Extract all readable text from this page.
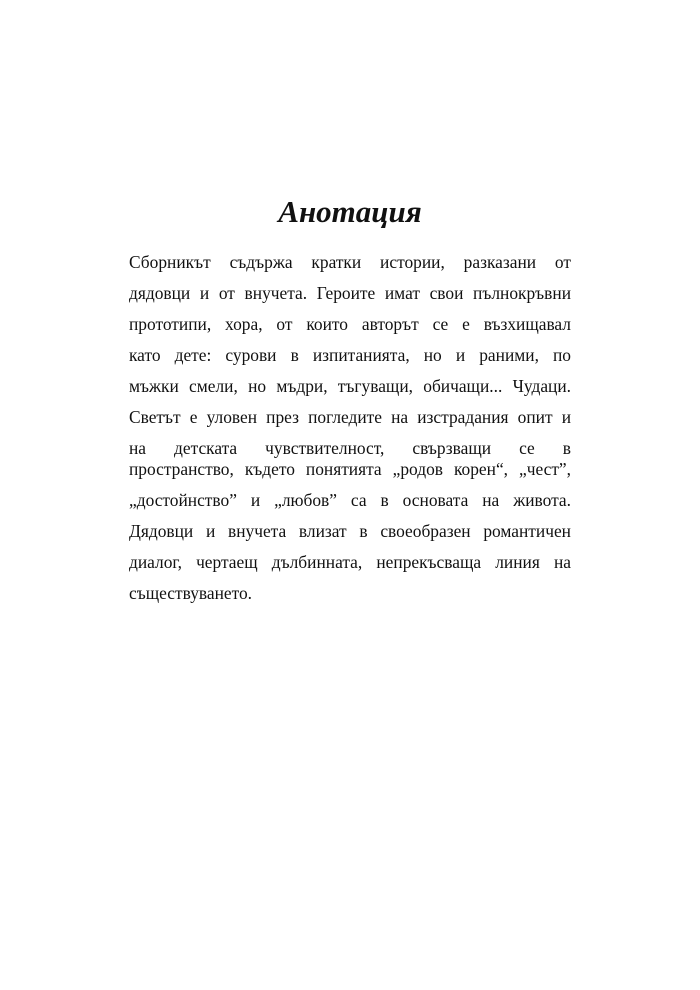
Анотация
Сборникът съдържа кратки истории, разказани от
дядовци и от внучета. Героите имат свои пълнокръвни
прототипи, хора, от които авторът се е възхищавал
като дете: сурови в изпитанията, но и раними, по
мъжки смели, но мъдри, тъгуващи, обичащи... Чудаци.
Светът е уловен през погледите на изстрадания опит и
на детската чувствителност, свързващи се в
пространство, където понятията „родов корен“, „чест”,
„достойнство” и „любов” са в основата на живота.
Дядовци и внучета влизат в своеобразен романтичен
диалог, чертаещ дълбинната, непрекъсваща линия на
съществуването.
